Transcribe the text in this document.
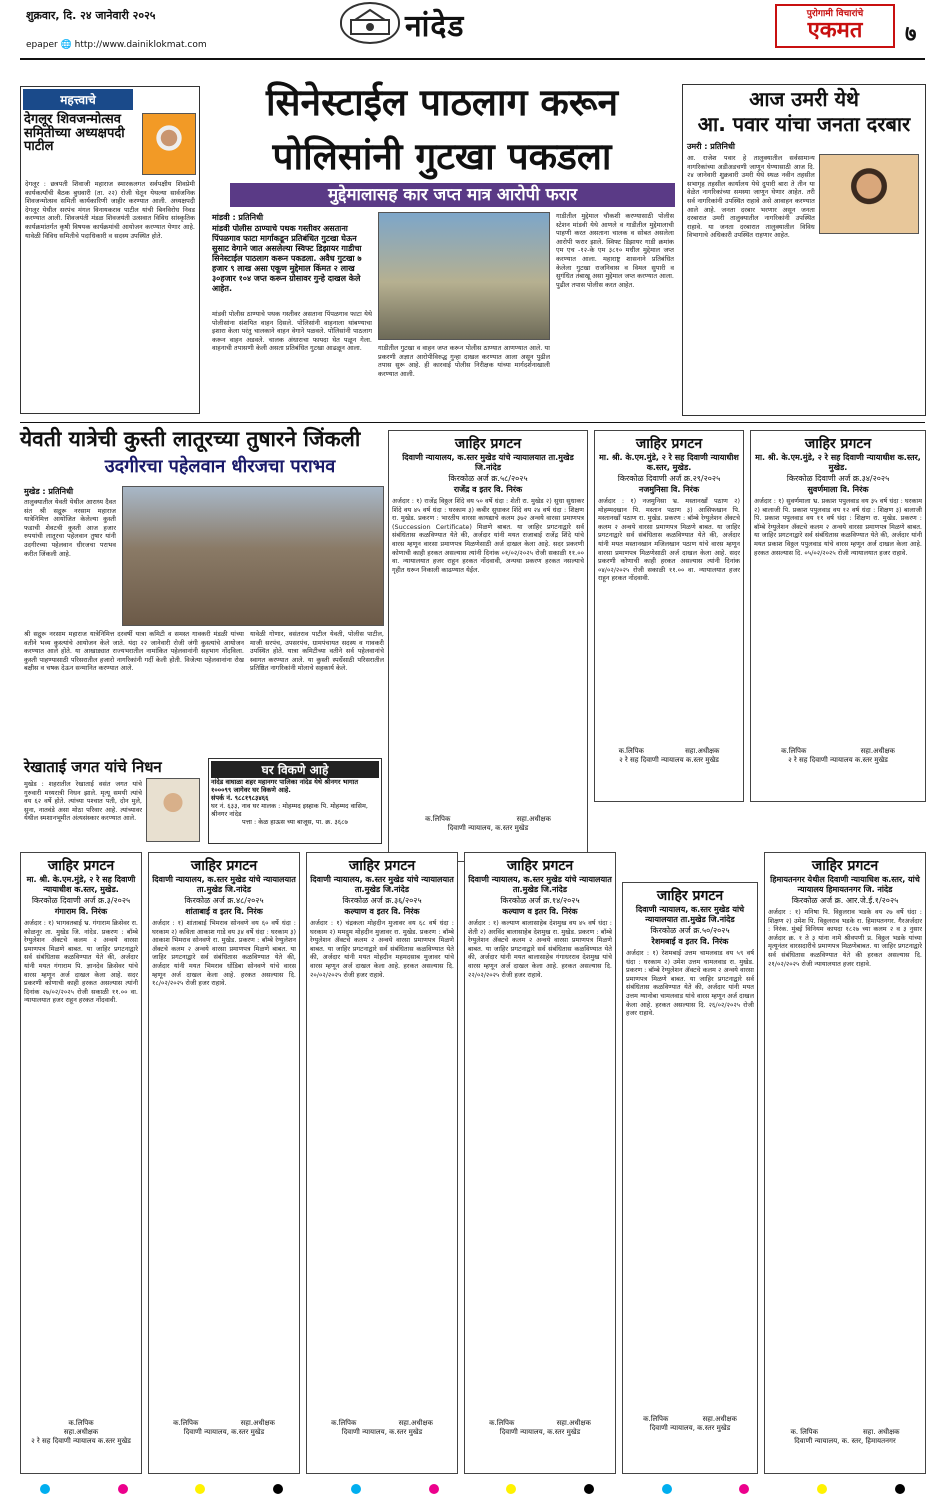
शुक्रवार, दि. २४ जानेवारी २०२५
epaper 🌐 http://www.dainiklokmat.com
नांदेड	पुरोगामी विचारांचे
एकमत	७
महत्त्वाचे
देगलूर शिवजन्मोत्सव समितीच्या अध्यक्षपदी पाटील
देगलूर : छत्रपती शिवाजी महाराज स्मारकलगत सर्वपक्षीय शिवप्रेमी कार्यकर्त्यांची बैठक बुधवारी (ता. २२) रोजी घेतून येथल्या सार्वजनिक शिवजन्मोत्सव समिती कार्यकारिणी जाहीर करण्यात आली. अध्यक्षपदी देगलूर येथील सरपंच मंगल विनायकराव पाटील यांची बिनविरोध निवड करण्यात आली. शिवजयंती मंडळ शिवजयंती उत्सवात विविध सांस्कृतिक कार्यक्रमांतर्गत कृषी विषयक कार्यक्रमांची आयोजन करण्यात येणार आहे. यावेळी विविध समितीचे पदाधिकारी व सदस्य उपस्थित होते.
सिनेस्टाईल पाठलाग करून
पोलिसांनी गुटखा पकडला
मुद्देमालासह कार जप्त मात्र आरोपी फरार
मांडवी : प्रतिनिधी
मांडवी पोलीस ठाण्याचे पथक गस्तीवर असताना पिंपळगाव फाटा मार्गाकडून प्रतिबंधित गुटखा घेऊन सुसाट वेगाने जात असलेल्या स्विफ्ट डिझायर गाडीचा सिनेस्टाईल पाठलाग करून पकडला. अवैध गुटखा ७ हजार ९ लाख असा एकूण मुद्देमाल किंमत २ लाख ३०हजार १०४ जप्त करून ग्रोसावर गुन्हे दाखल केले आहेत.
मांडवी पोलीस ठाण्याचे पथक गस्तीवर असताना पिंपळगाव फाटा येथे पोलीसांना संशयित वाहन दिसले. पोलिसांनी वाहनाला थांबण्याचा इशारा केला परंतु चालकाने वाहन वेगाने पळवले. पोलिसांनी पाठलाग करून वाहन अडवले. चालक अंधाराचा फायदा घेत पळून गेला. वाहनाची तपासणी केली असता प्रतिबंधित गुटखा आढळून आला.	गाडीतील गुटखा व वाहन जप्त करून पोलीस ठाण्यात आणण्यात आले. या प्रकरणी अज्ञात आरोपीविरुद्ध गुन्हा दाखल करण्यात आला असून पुढील तपास सुरू आहे. ही कारवाई पोलीस निरीक्षक यांच्या मार्गदर्शनाखाली करण्यात आली.
गाडीतील मुद्देमाल चौकशी करण्यासाठी पोलीस स्टेशन मांडवी येथे आणले व गाडीतील मुद्देमालाची पाहणी करत असताना चालक व सोबत असलेला आरोपी फरार झाले. स्विफ्ट डिझायर गाडी क्रमांक एम एच -१२-के एम ३८१० मधील मुद्देमाल जप्त करण्यात आला. महाराष्ट्र शासनाने प्रतिबंधित केलेला गुटखा राजनिवास व विमल सुपारी व सुगंधित तंबाखू असा मुद्देमाल जप्त करण्यात आला. पुढील तपास पोलीस करत आहेत.
आज उमरी येथे
आ. पवार यांचा जनता दरबार
उमरी : प्रतिनिधी
आ. राजेश पवार हे तालुक्यातील सर्वसामान्य नागरिकांच्या अडीअडचणी जाणून घेण्यासाठी आज दि. २४ जानेवारी शुक्रवारी उमरी येथे स्थळ नवीन तहसील सभागृह तहसील कार्यालय येथे दुपारी बारा ते तीन या वेळेत नागरिकांच्या समस्या जाणून घेणार आहेत. तरी सर्व नागरिकांनी उपस्थित राहावे असे आवाहन करण्यात आले आहे. जनता दरबार भरणार असून जनता दरबारात उमरी तालुक्यातील नागरिकांनी उपस्थित राहावे. या जनता दरबारात तालुक्यातील विविध विभागाचे अधिकारी उपस्थित राहणार आहेत.
येवती यात्रेची कुस्ती लातूरच्या तुषारने जिंकली
उदगीरचा पहेलवान धीरजचा पराभव
मुखेड : प्रतिनिधी
तालुक्यातील येवती येथील आराध्य दैवत संत श्री सद्गुरू नरसाम महाराज यात्रेनिमित्त आयोजित केलेल्या कुस्ती फडाची शेवटची कुस्ती आज हजार रुपयांची लातूरचा पहेलवान तुषार यांनी उदगीरच्या पहेलवान धीरजचा पराभव करीत जिंकली आहे.
श्री सद्गुरू नरसाम महाराज यात्रेनिमित्त दरवर्षी यात्रा कमिटी व समस्त गावकरी मंडळी यांच्या वतीने भव्य कुस्त्यांचे आयोजन केले जाते. यंदा २२ जानेवारी रोजी जंगी कुस्त्यांचे आयोजन करण्यात आले होते. या आखाड्यात राज्यभरातील नामांकित पहेलवानांनी सहभाग नोंदविला. कुस्ती पाहण्यासाठी परिसरातील हजारो नागरिकांनी गर्दी केली होती. विजेत्या पहेलवानांना रोख बक्षीस व चषक देऊन सन्मानित करण्यात आले.
यावेळी गोणार, वसंतराव पाटील येवती, पोलीस पाटील, माजी सरपंच, उपसरपंच, ग्रामपंचायत सदस्य व गावकरी उपस्थित होते. यात्रा कमिटीच्या वतीने सर्व पहेलवानांचे स्वागत करण्यात आले. या कुस्ती स्पर्धेसाठी परिसरातील प्रतिष्ठित नागरिकांनी मोलाचे सहकार्य केले.
रेखाताई जगत यांचे निधन
मुखेड : शहरातील रेखाताई वसंत जगत यांचे गुरुवारी मध्यरात्री निधन झाले. मृत्यू समयी त्यांचे वय ६२ वर्षे होते. त्यांच्या पश्चात पती, दोन मुले, सुना, नातवंडे असा मोठा परिवार आहे. त्यांच्यावर येथील स्मशानभूमीत अंत्यसंस्कार करण्यात आले.
घर विकणे आहे
नांदेड वाघाळा शहर महानगर पालिका नांदेड येथे श्रीनगर भागात १०००९९ जागेवर घर विकणे आहे.
संपर्क नं. ९८८१९८३४६६
घर नं. ६३३, नाव घर मालक : मोहम्मद इस्हाक पि. मोहम्मद वासिम, श्रीनगर नांदेड
पत्ता : केळ हाऊस च्या बाजूस, पा. क्र. ३६८७
जाहिर प्रगटन
दिवाणी न्यायालय, क.स्तर मुखेड यांचे न्यायालयात ता.मुखेड जि.नांदेड
किरकोळ अर्ज क्र.५८/२०२५
राजेंद्र व इतर वि. निरंक
अर्जदार : १) राजेंद्र विठ्ठल शिंदे वय ५० वर्षे धंदा : शेती रा. मुखेड २) सुधा सुधाकर शिंदे वय ४५ वर्ष धंदा : घरकाम ३) कबीर सुधाकर शिंदे वय २४ वर्ष धंदा : शिक्षण रा. मुखेड. प्रकरण : भारतीय वारसा कायद्याचे कलम ३७२ अन्वये वारसा प्रमाणपत्र (Succession Certificate) मिळणे बाबत. या जाहिर प्रगटनाद्वारे सर्व संबंधितास कळविण्यात येते की, अर्जदार यांनी मयत राजाबाई राजेंद्र शिंदे यांचे वारस म्हणून वारसा प्रमाणपत्र मिळणेसाठी अर्ज दाखल केला आहे. सदर प्रकरणी कोणाची काही हरकत असल्यास त्यांनी दिनांक ०१/०२/२०२५ रोजी सकाळी ११.०० वा. न्यायालयात हजर राहून हरकत नोंदवावी, अन्यथा प्रकरण हरकत नसल्याचे गृहीत धरून निकाली काढण्यात येईल.
क.लिपिक	सहा.अधीक्षक
दिवाणी न्यायालय, क.स्तर मुखेड
जाहिर प्रगटन
मा. श्री. के.एम.मुंडे, २ रे सह दिवाणी न्यायाधीश क.स्तर, मुखेड.
किरकोळ दिवाणी अर्ज क्र.२९/२०२५
नजमुनिसा वि. निरंक
अर्जदार : १) नजमुनिसा भ्र. मस्तानखाँ पठाण २) मोहम्मदखान पि. मस्तान पठाण ३) आसिफखान पि. मस्तानखाँ पठाण रा. मुखेड. प्रकरण : बॉम्बे रेग्युलेशन ॲक्टचे कलम २ अन्वये वारसा प्रमाणपत्र मिळणे बाबत. या जाहिर प्रगटनाद्वारे सर्व संबंधितास कळविण्यात येते की, अर्जदार यांनी मयत मस्तानखान मजिलखान पठाण यांचे वारस म्हणून वारसा प्रमाणपत्र मिळणेसाठी अर्ज दाखल केला आहे. सदर प्रकरणी कोणाची काही हरकत असल्यास त्यांनी दिनांक ०४/०२/२०२५ रोजी सकाळी ११.०० वा. न्यायालयात हजर राहून हरकत नोंदवावी.
क.लिपिक	सहा.अधीक्षक
२ रे सह दिवाणी न्यायालय क.स्तर मुखेड
जाहिर प्रगटन
मा. श्री. के.एम.मुंडे, २ रे सह दिवाणी न्यायाधीश क.स्तर, मुखेड.
किरकोळ दिवाणी अर्ज क्र.३४/२०२५
सुवर्णमाला वि. निरंक
अर्जदार : १) सुवर्णमाला भ्र. प्रकाश पपुलवाड वय ३५ वर्ष धंदा : घरकाम २) बालाजी पि. प्रकाश पपुलवाड वय १२ वर्ष धंदा : शिक्षण ३) बालाजी पि. प्रकाश पपुलवाड वय ११ वर्ष धंदा : शिक्षण रा. मुखेड. प्रकरण : बॉम्बे रेग्युलेशन ॲक्टचे कलम २ अन्वये वारसा प्रमाणपत्र मिळणे बाबत. या जाहिर प्रगटनाद्वारे सर्व संबंधितास कळविण्यात येते की, अर्जदार यांनी मयत प्रकाश विठ्ठल पपुलवाड यांचे वारस म्हणून अर्ज दाखल केला आहे. हरकत असल्यास दि. ०५/०२/२०२५ रोजी न्यायालयात हजर राहावे.
क.लिपिक	सहा.अधीक्षक
२ रे सह दिवाणी न्यायालय क.स्तर मुखेड
जाहिर प्रगटन
मा. श्री. के.एम.मुंडे, २ रे सह दिवाणी न्यायाधीश क.स्तर, मुखेड.
किरकोळ दिवाणी अर्ज क्र.३/२०२५
गंगाराम वि. निरंक
अर्जदार : १) भागवतबाई भ्र. गंगाराम क्रिसेवर रा. कोळनूर ता. मुखेड जि. नांदेड. प्रकरण : बॉम्बे रेग्युलेशन ॲक्टचे कलम २ अन्वये वारसा प्रमाणपत्र मिळणे बाबत. या जाहिर प्रगटनाद्वारे सर्व संबंधितास कळविण्यात येते की, अर्जदार यांनी मयत गंगाराम पि. ज्ञानदेव क्रिसेवर यांचे वारस म्हणून अर्ज दाखल केला आहे. सदर प्रकरणी कोणाची काही हरकत असल्यास त्यांनी दिनांक २७/०२/२०२५ रोजी सकाळी ११.०० वा. न्यायालयात हजर राहून हरकत नोंदवावी.
क.लिपिक
सहा.अधीक्षक
२ रे सह दिवाणी न्यायालय क.स्तर मुखेड
जाहिर प्रगटन
दिवाणी न्यायालय, क.स्तर मुखेड यांचे न्यायालयात ता.मुखेड जि.नांदेड
किरकोळ अर्ज क्र.४८/२०२५
शांताबाई व इतर वि. निरंक
अर्जदार : १) शांताबाई भिमराव सोनवणे वय ६० वर्षे धंदा : घरकाम २) कविता आकाश गाडे वय ३४ वर्षे धंदा : घरकाम ३) आकाश भिमराव सोनवणे रा. मुखेड. प्रकरण : बॉम्बे रेग्युलेशन ॲक्टचे कलम २ अन्वये वारसा प्रमाणपत्र मिळणे बाबत. या जाहिर प्रगटनाद्वारे सर्व संबंधितास कळविण्यात येते की, अर्जदार यांनी मयत भिमराव धोंडिबा सोनवणे यांचे वारस म्हणून अर्ज दाखल केला आहे. हरकत असल्यास दि. १८/०२/२०२५ रोजी हजर राहावे.
क.लिपिक	सहा.अधीक्षक
दिवाणी न्यायालय, क.स्तर मुखेड
जाहिर प्रगटन
दिवाणी न्यायालय, क.स्तर मुखेड यांचे न्यायालयात ता.मुखेड जि.नांदेड
किरकोळ अर्ज क्र.३६/२०२५
कल्याण व इतर वि. निरंक
अर्जदार : १) चंद्रकला मोहदीन मुजावर वय ६८ वर्ष धंदा : घरकाम २) ममदुम मोहदीन मुजावर रा. मुखेड. प्रकरण : बॉम्बे रेग्युलेशन ॲक्टचे कलम २ अन्वये वारसा प्रमाणपत्र मिळणे बाबत. या जाहिर प्रगटनाद्वारे सर्व संबंधितास कळविण्यात येते की, अर्जदार यांनी मयत मोहदीन महमदसाब मुजावर यांचे वारस म्हणून अर्ज दाखल केला आहे. हरकत असल्यास दि. २०/०२/२०२५ रोजी हजर राहावे.
क.लिपिक	सहा.अधीक्षक
दिवाणी न्यायालय, क.स्तर मुखेड
जाहिर प्रगटन
दिवाणी न्यायालय, क.स्तर मुखेड यांचे न्यायालयात ता.मुखेड जि.नांदेड
किरकोळ अर्ज क्र.१४/२०२५
कल्याण व इतर वि. निरंक
अर्जदार : १) कल्याण बालासाहेब देशमुख वय ४५ वर्ष धंदा : शेती २) अरविंद बालासाहेब देशमुख रा. मुखेड. प्रकरण : बॉम्बे रेग्युलेशन ॲक्टचे कलम २ अन्वये वारसा प्रमाणपत्र मिळणे बाबत. या जाहिर प्रगटनाद्वारे सर्व संबंधितास कळविण्यात येते की, अर्जदार यांनी मयत बालासाहेब गंगाधरराव देशमुख यांचे वारस म्हणून अर्ज दाखल केला आहे. हरकत असल्यास दि. २२/०२/२०२५ रोजी हजर राहावे.
क.लिपिक	सहा.अधीक्षक
दिवाणी न्यायालय, क.स्तर मुखेड
जाहिर प्रगटन
दिवाणी न्यायालय, क.स्तर मुखेड यांचे न्यायालयात ता.मुखेड जि.नांदेड
किरकोळ अर्ज क्र.५०/२०२५
रेशमबाई व इतर वि. निरंक
अर्जदार : १) रेशमबाई उत्तम चामलवाड वय ५९ वर्ष धंदा : घरकाम २) उमेश उत्तम चामलवाड रा. मुखेड. प्रकरण : बॉम्बे रेग्युलेशन ॲक्टचे कलम २ अन्वये वारसा प्रमाणपत्र मिळणे बाबत. या जाहिर प्रगटनाद्वारे सर्व संबंधितास कळविण्यात येते की, अर्जदार यांनी मयत उत्तम ग्यानोबा चामलवाड यांचे वारस म्हणून अर्ज दाखल केला आहे. हरकत असल्यास दि. २६/०२/२०२५ रोजी हजर राहावे.
क.लिपिक	सहा.अधीक्षक
दिवाणी न्यायालय, क.स्तर मुखेड
जाहिर प्रगटन
हिमायतनगर येथील दिवाणी न्यायाधिश क.स्तर, यांचे न्यायालय हिमायतनगर जि. नांदेड
किरकोळ अर्ज क्र. आर.जे.ई.१/२०२५
अर्जदार : १) मनिषा पि. विठ्ठलराव भडके वय २७ वर्षे धंदा : शिक्षण २) उमेश पि. विठ्ठलराव भडके रा. हिमायतनगर. गैरअर्जदार : निरंक. मुंबई विनियम कायदा १८२७ च्या कलम २ व ३ नुसार अर्जदार क्र. १ ते ३ यांना नामे श्रीवपणी प्र. विठ्ठल भडके यांच्या मृत्यूनंतर वारसदारीचे प्रमाणपत्र मिळणेबाबत. या जाहिर प्रगटनाद्वारे सर्व संबंधितास कळविण्यात येते की हरकत असल्यास दि. २१/०२/२०२५ रोजी न्यायालयात हजर राहावे.
क. लिपिक	सहा. अधीक्षक
दिवाणी न्यायालय, क. स्तर, हिमायतनगर
